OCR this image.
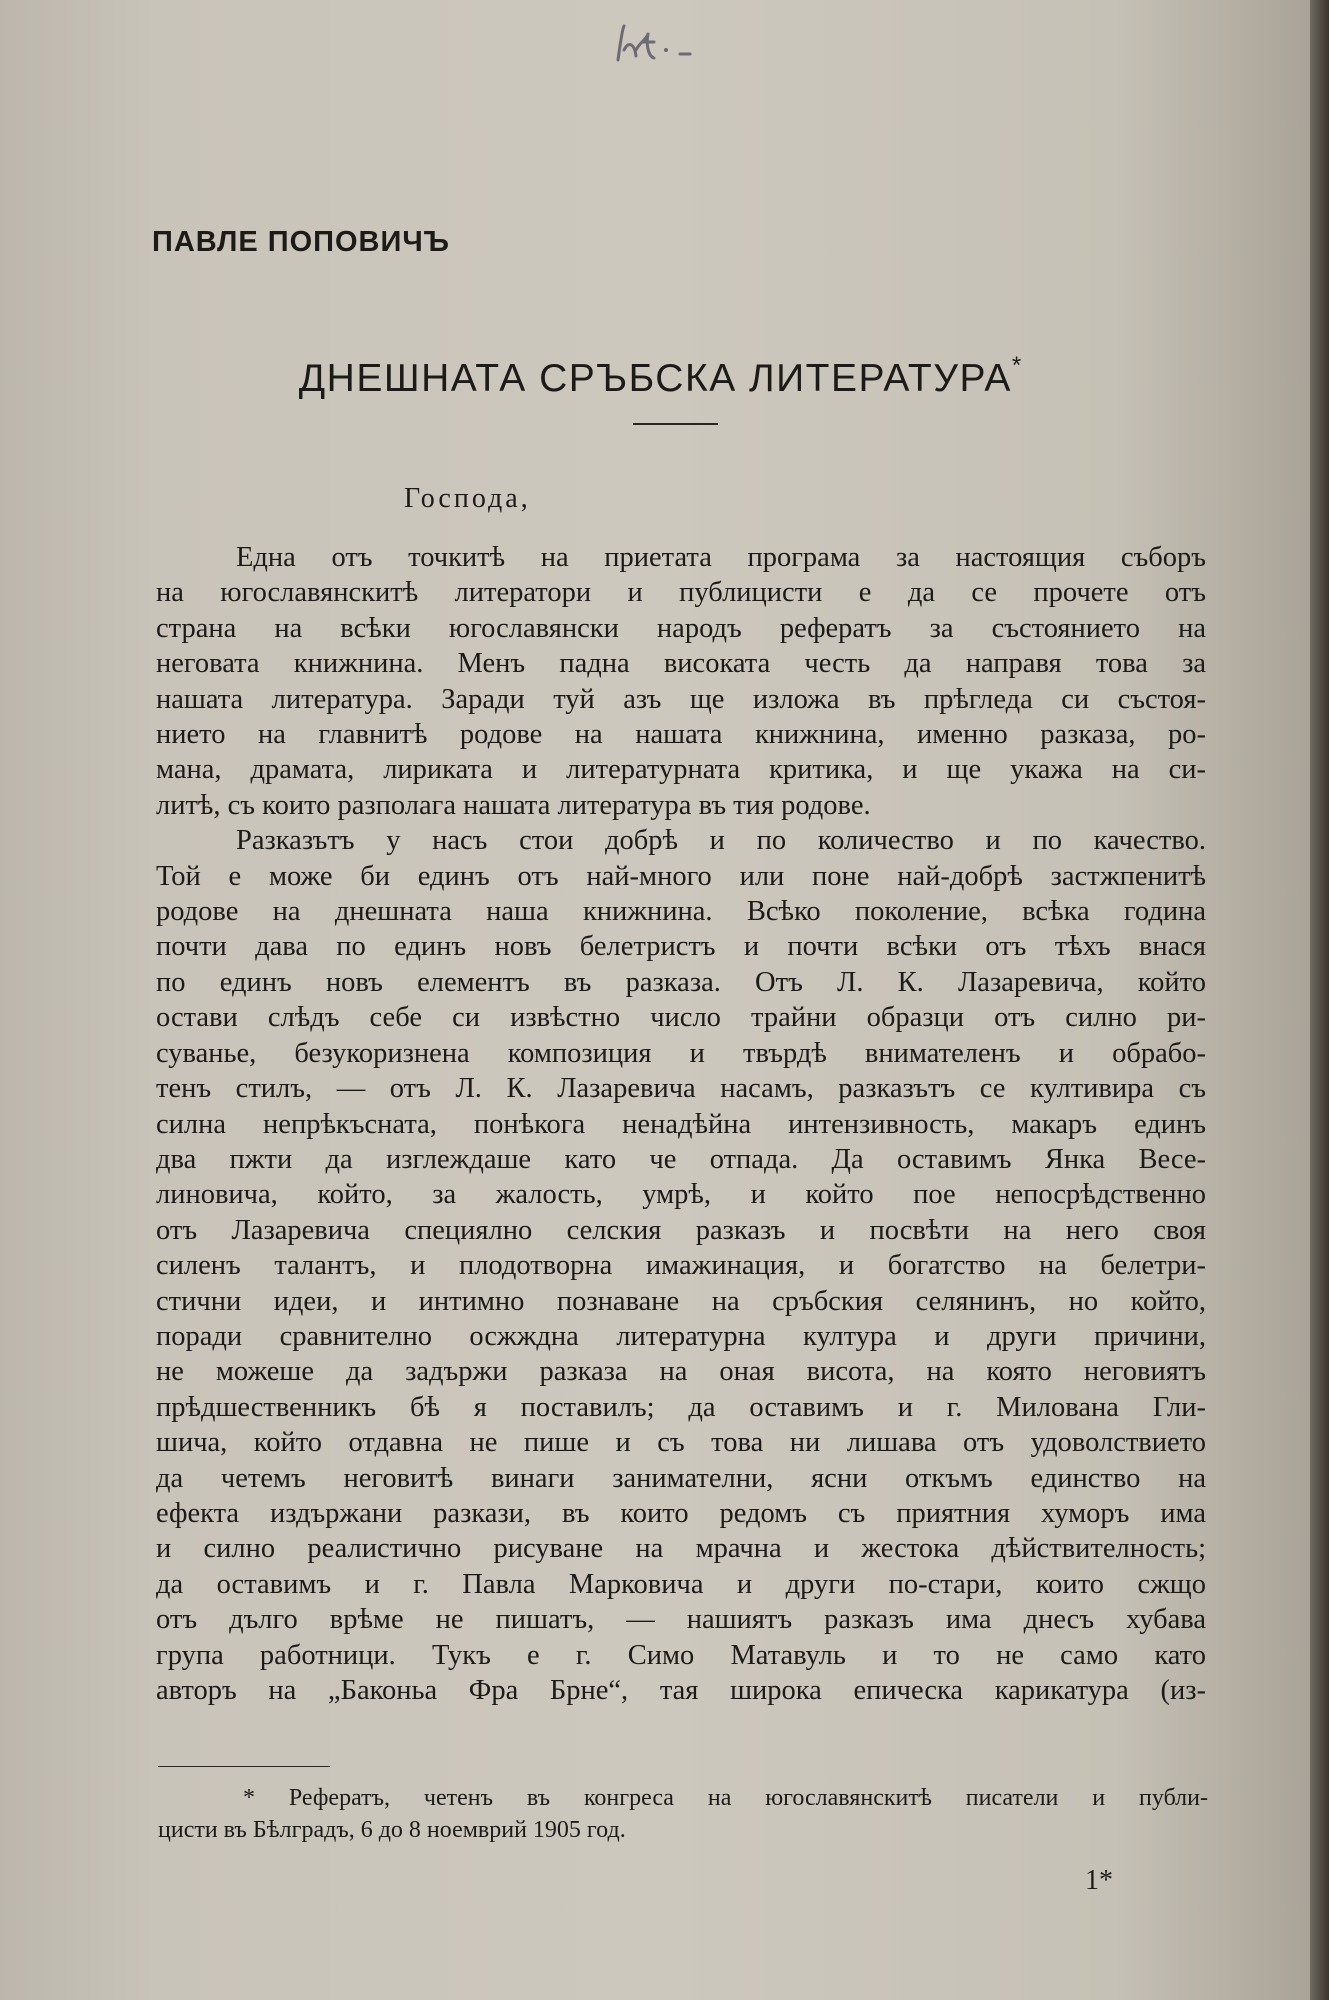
ПАВЛЕ ПОПОВИЧЪ
ДНЕШНАТА СРЪБСКА ЛИТЕРАТУРА*
Господа,
Една отъ точкитѣ на приетата програма за настоящия съборъ
на югославянскитѣ литератори и публицисти е да се прочете отъ
страна на всѣки югославянски народъ рефератъ за състоянието на
неговата книжнина. Менъ падна високата честь да направя това за
нашата литература. Заради туй азъ ще изложа въ прѣгледа си състоя-
нието на главнитѣ родове на нашата книжнина, именно разказа, ро-
мана, драмата, лириката и литературната критика, и ще укажа на си-
литѣ, съ които разполага нашата литература въ тия родове.
Разказътъ у насъ стои добрѣ и по количество и по качество.
Той е може би единъ отъ най-много или поне най-добрѣ застжпенитѣ
родове на днешната наша книжнина. Всѣко поколение, всѣка година
почти дава по единъ новъ белетристъ и почти всѣки отъ тѣхъ внася
по единъ новъ елементъ въ разказа. Отъ Л. К. Лазаревича, който
остави слѣдъ себе си извѣстно число трайни образци отъ силно ри-
суванье, безукоризнена композиция и твърдѣ внимателенъ и обрабо-
тенъ стилъ, — отъ Л. К. Лазаревича насамъ, разказътъ се култивира съ
силна непрѣкъсната, понѣкога ненадѣйна интензивность, макаръ единъ
два пжти да изглеждаше като че отпада. Да оставимъ Янка Весе-
линовича, който, за жалость, умрѣ, и който пое непосрѣдственно
отъ Лазаревича специялно селския разказъ и посвѣти на него своя
силенъ талантъ, и плодотворна имажинация, и богатство на белетри-
стични идеи, и интимно познаване на сръбския селянинъ, но който,
поради сравнително осжждна литературна култура и други причини,
не можеше да задържи разказа на оная висота, на която неговиятъ
прѣдшественникъ бѣ я поставилъ; да оставимъ и г. Милована Гли-
шича, който отдавна не пише и съ това ни лишава отъ удоволствието
да четемъ неговитѣ винаги занимателни, ясни откъмъ единство на
ефекта издържани разкази, въ които редомъ съ приятния хуморъ има
и силно реалистично рисуване на мрачна и жестока дѣйствителность;
да оставимъ и г. Павла Марковича и други по-стари, които сжщо
отъ дълго врѣме не пишатъ, — нашиятъ разказъ има днесъ хубава
група работници. Тукъ е г. Симо Матавуль и то не само като
авторъ на „Баконьа Фра Брне“, тая широка епическа карикатура (из-
* Рефератъ, четенъ въ конгреса на югославянскитѣ писатели и публи-
цисти въ Бѣлградъ, 6 до 8 ноемврий 1905 год.
1*
